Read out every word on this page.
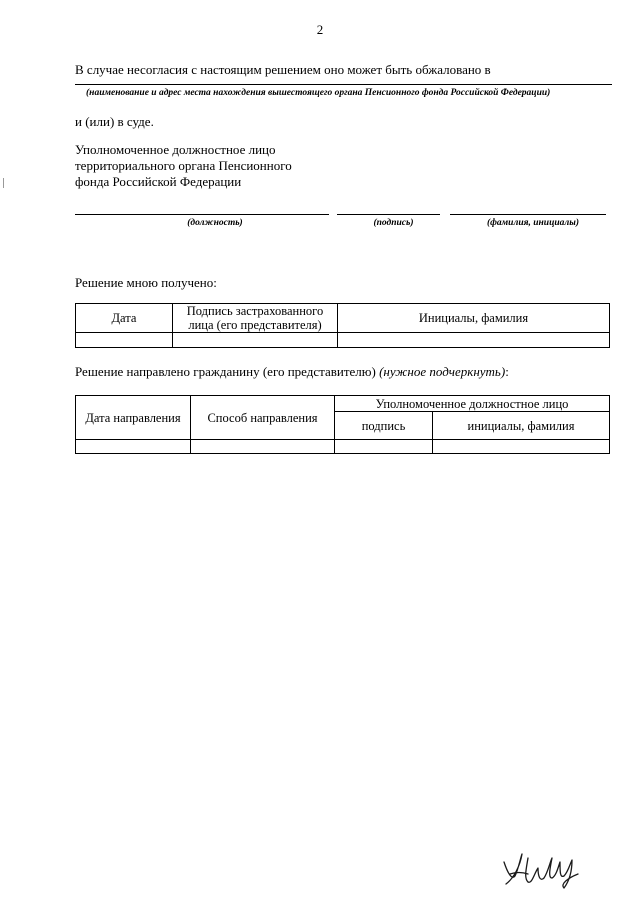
2
В случае несогласия с настоящим решением оно может быть обжаловано в
(наименование и адрес места нахождения вышестоящего органа Пенсионного фонда Российской Федерации)
и (или) в суде.
Уполномоченное должностное лицо
территориального органа Пенсионного
фонда Российской Федерации
(должность)	(подпись)	(фамилия, инициалы)
Решение мною получено:
Дата	Подпись застрахованного лица (его представителя)	Инициалы, фамилия

Решение направлено гражданину (его представителю) (нужное подчеркнуть):
Дата направления	Способ направления	Уполномоченное должностное лицо	
		подпись	инициалы, фамилия
